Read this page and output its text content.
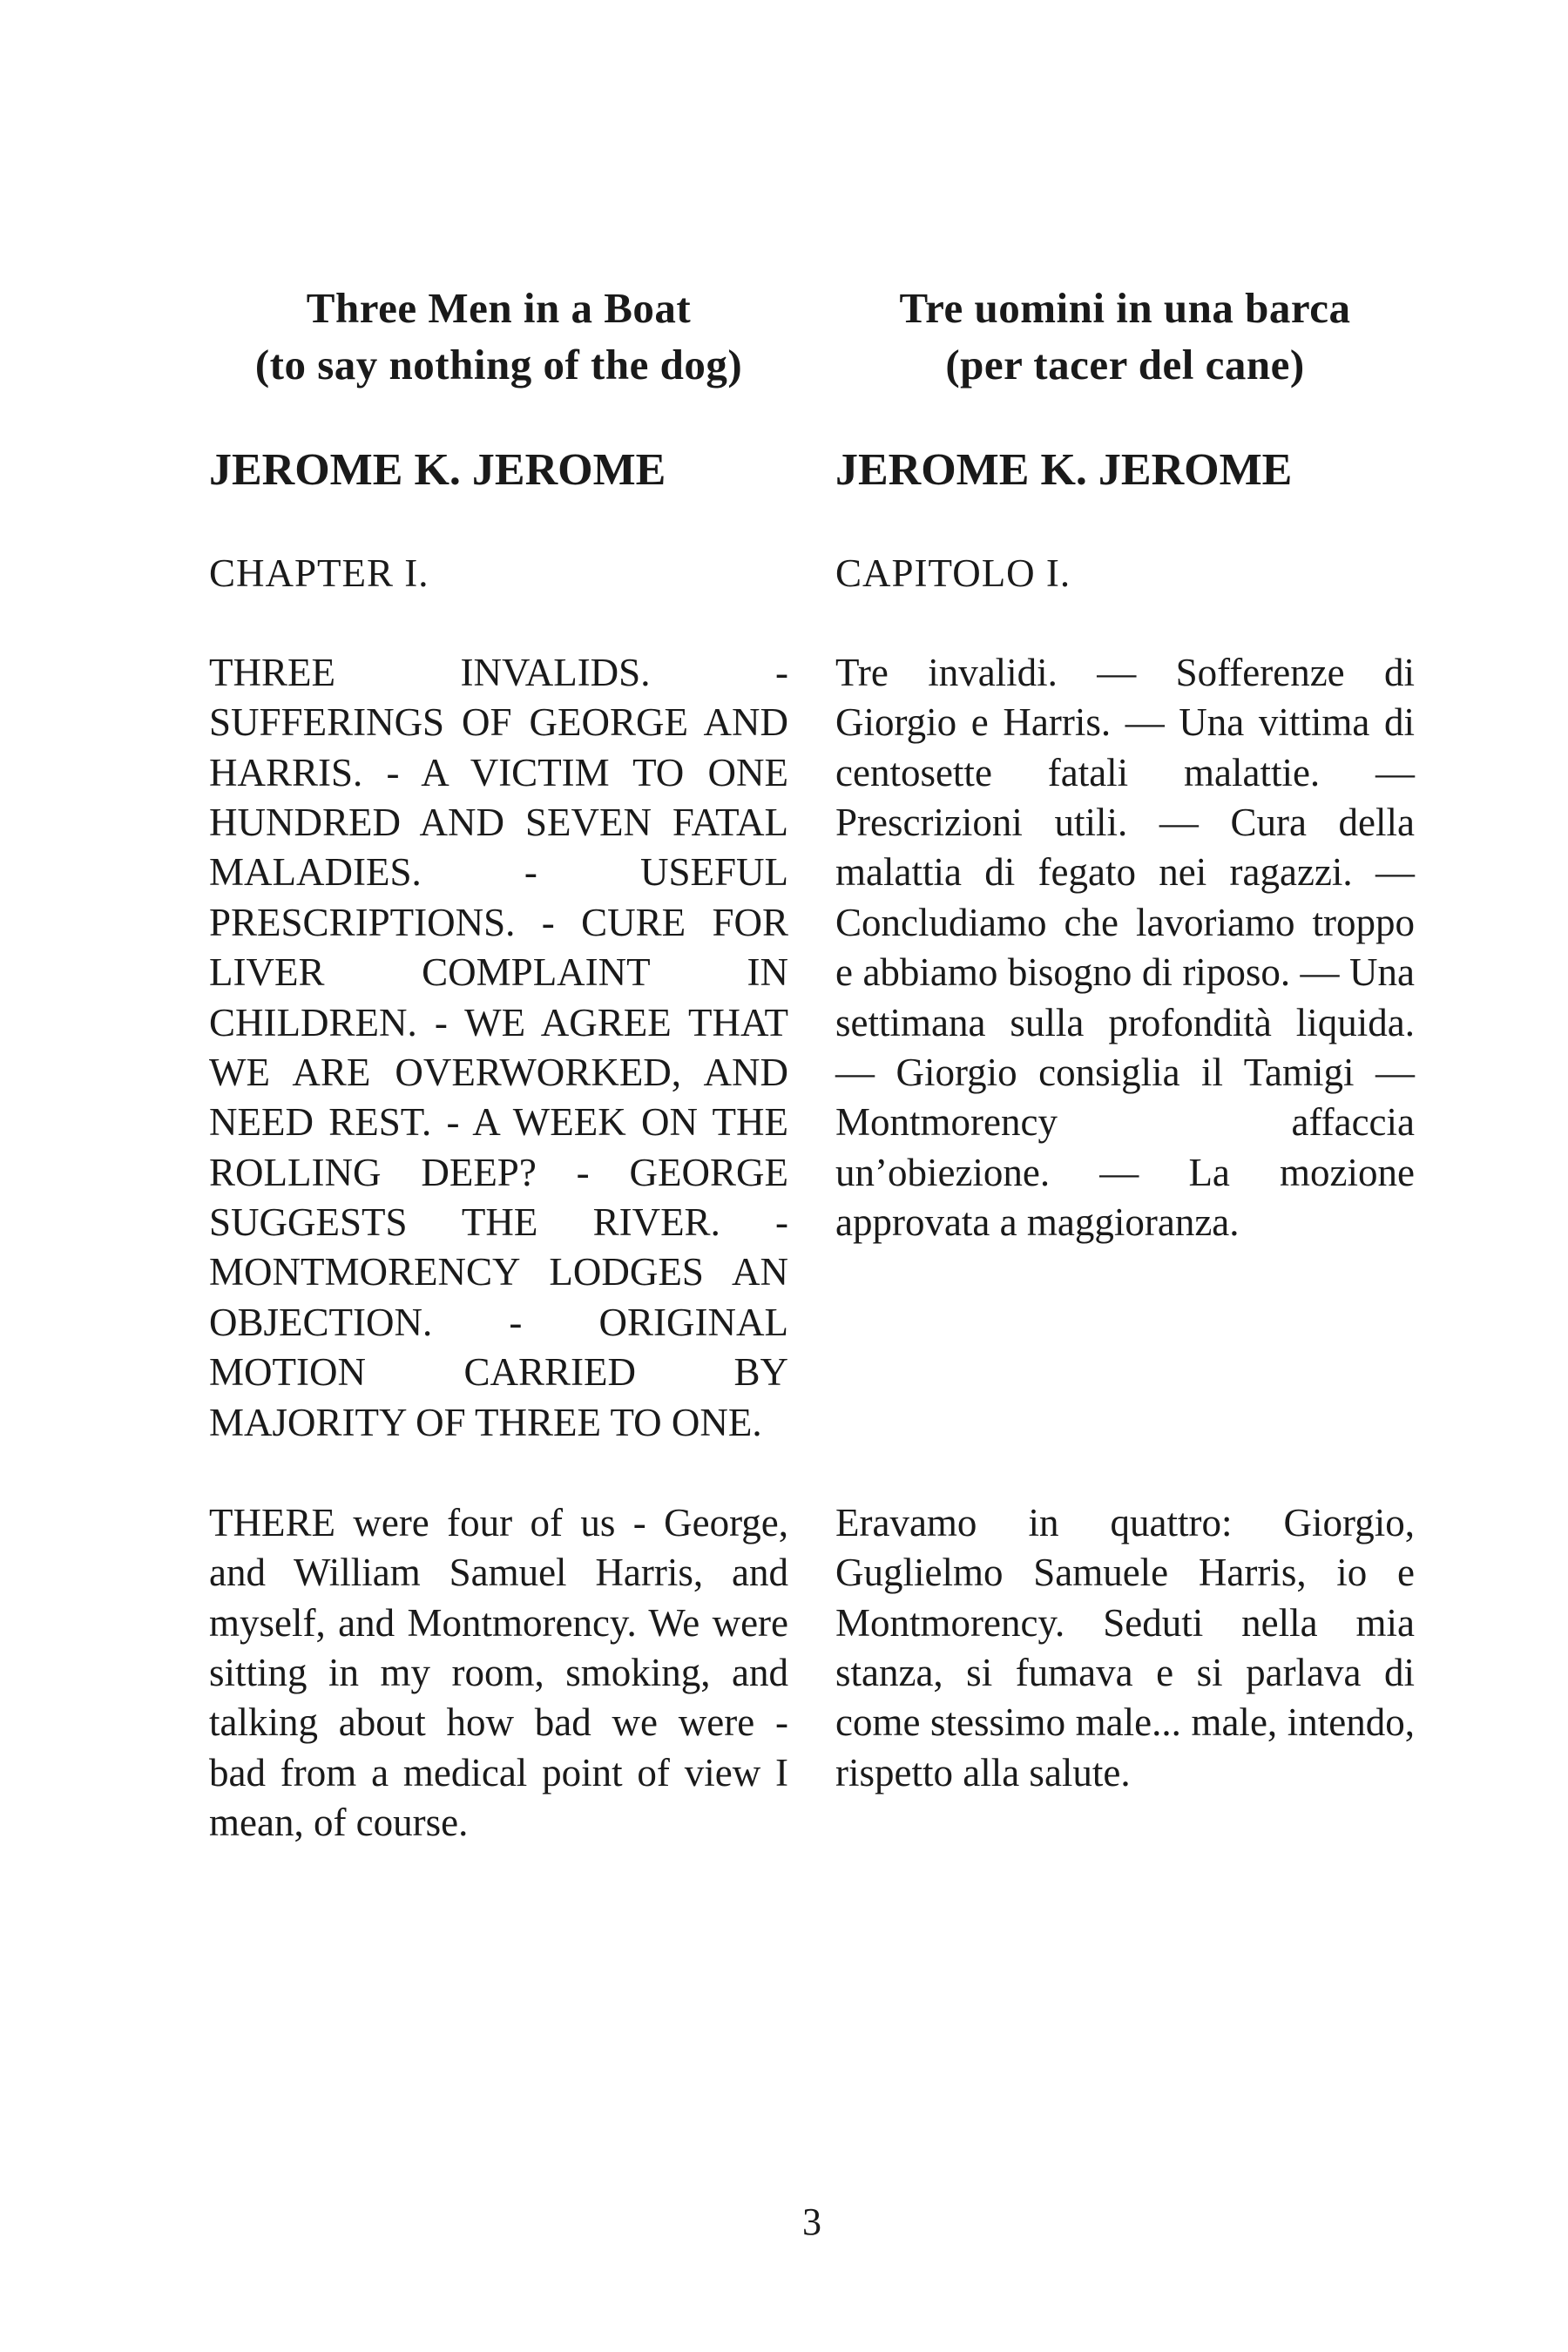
Three Men in a Boat
(to say nothing of the dog)
Tre uomini in una barca
(per tacer del cane)
JEROME K. JEROME	JEROME K. JEROME
CHAPTER I.	CAPITOLO I.

THREE INVALIDS. - SUFFERINGS OF GEORGE AND HARRIS. - A VICTIM TO ONE HUNDRED AND SEVEN FATAL MALADIES. - USEFUL PRESCRIPTIONS. - CURE FOR LIVER COMPLAINT IN CHILDREN. - WE AGREE THAT WE ARE OVERWORKED, AND NEED REST. - A WEEK ON THE ROLLING DEEP? - GEORGE SUGGESTS THE RIVER. - MONTMORENCY LODGES AN OBJECTION. - ORIGINAL MOTION CARRIED BY MAJORITY OF THREE TO ONE.

Tre invalidi. — Sofferenze di Giorgio e Harris. — Una vittima di centosette fatali malattie. — Prescrizioni utili. — Cura della malattia di fegato nei ragazzi. — Concludiamo che lavoriamo troppo e abbiamo bisogno di riposo. — Una settimana sulla profondità liquida. — Giorgio consiglia il Tamigi — Montmorency affaccia un’obiezione. — La mozione approvata a maggioranza.

THERE were four of us - George, and William Samuel Harris, and myself, and Montmorency. We were sitting in my room, smoking, and talking about how bad we were - bad from a medical point of view I mean, of course.

Eravamo in quattro: Giorgio, Guglielmo Samuele Harris, io e Montmorency. Seduti nella mia stanza, si fumava e si parlava di come stessimo male... male, intendo, rispetto alla salute.

3
